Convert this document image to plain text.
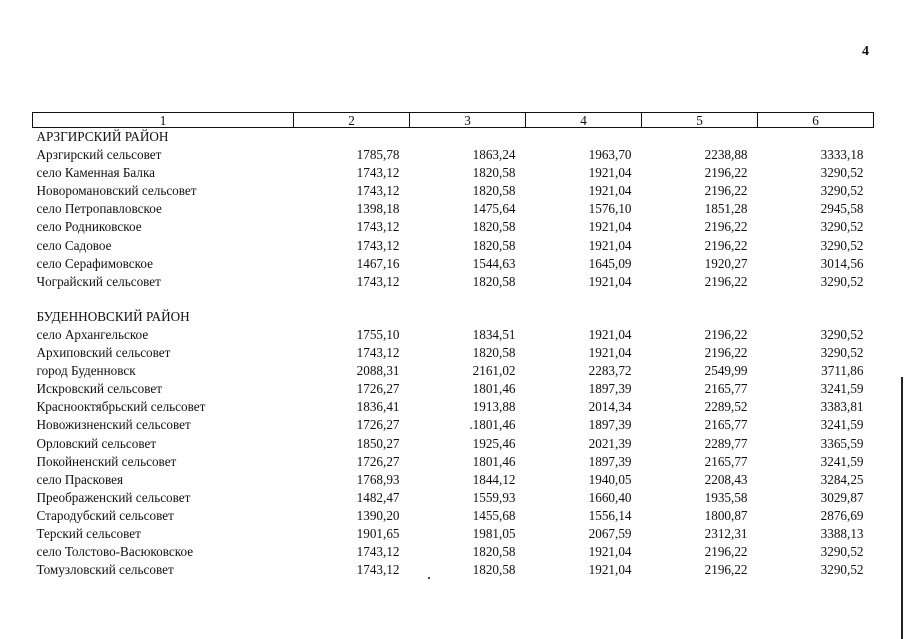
4
1	2	3	4	5	6
АРЗГИРСКИЙ РАЙОН					
Арзгирский сельсовет	1785,78	1863,24	1963,70	2238,88	3333,18
село Каменная Балка	1743,12	1820,58	1921,04	2196,22	3290,52
Новоромановский сельсовет	1743,12	1820,58	1921,04	2196,22	3290,52
село Петропавловское	1398,18	1475,64	1576,10	1851,28	2945,58
село Родниковское	1743,12	1820,58	1921,04	2196,22	3290,52
село Садовое	1743,12	1820,58	1921,04	2196,22	3290,52
село Серафимовское	1467,16	1544,63	1645,09	1920,27	3014,56
Чограйский сельсовет	1743,12	1820,58	1921,04	2196,22	3290,52

БУДЕННОВСКИЙ РАЙОН					
село Архангельское	1755,10	1834,51	1921,04	2196,22	3290,52
Архиповский сельсовет	1743,12	1820,58	1921,04	2196,22	3290,52
город Буденновск	2088,31	2161,02	2283,72	2549,99	3711,86
Искровский сельсовет	1726,27	1801,46	1897,39	2165,77	3241,59
Краснооктябрьский сельсовет	1836,41	1913,88	2014,34	2289,52	3383,81
Новожизненский сельсовет	1726,27	.1801,46	1897,39	2165,77	3241,59
Орловский сельсовет	1850,27	1925,46	2021,39	2289,77	3365,59
Покойненский сельсовет	1726,27	1801,46	1897,39	2165,77	3241,59
село Прасковея	1768,93	1844,12	1940,05	2208,43	3284,25
Преображенский сельсовет	1482,47	1559,93	1660,40	1935,58	3029,87
Стародубский сельсовет	1390,20	1455,68	1556,14	1800,87	2876,69
Терский сельсовет	1901,65	1981,05	2067,59	2312,31	3388,13
село Толстово-Васюковское	1743,12	1820,58	1921,04	2196,22	3290,52
Томузловский сельсовет	1743,12	1820,58	1921,04	2196,22	3290,52
